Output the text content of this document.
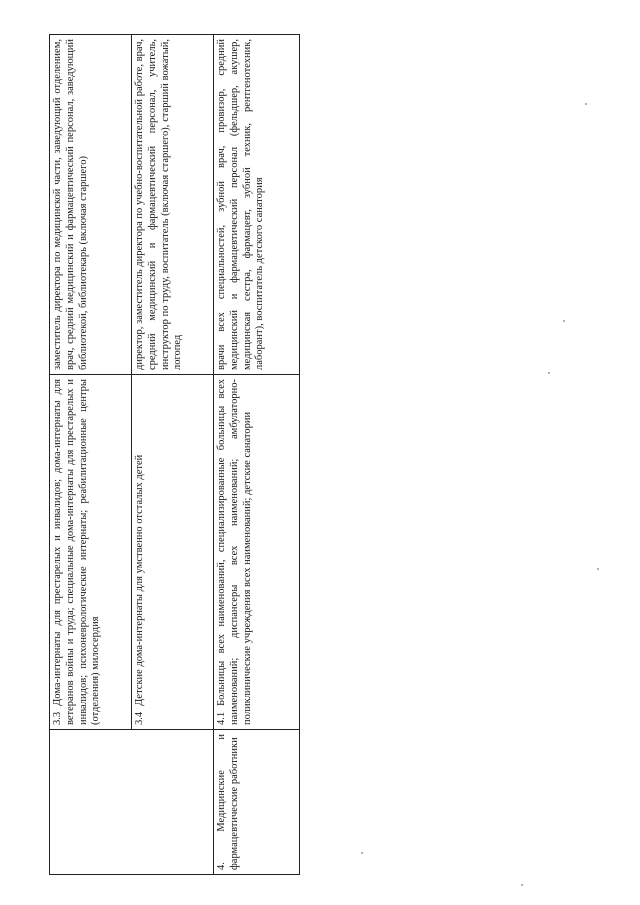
	3.3Дома-интернаты для престарелых и инвалидов; дома-интернаты для ветеранов войны и труда; специальные дома-интернаты для престарелых и инвалидов; психоневрологические интернаты; реабилитационные центры (отделения) милосердия	заместитель директора по медицинской части, заведующий отделением, врач, средний медицинский и фармацевтический персонал, заведующий библиотекой, библиотекарь (включая старшего)
	3.4Детские дома-интернаты для умственно отсталых детей	директор, заместитель директора по учебно-воспитательной работе, врач, средний медицинский и фармацевтический персонал, учитель, инструктор по труду, воспитатель (включая старшего), старший вожатый, логопед
4. Медицинские и фармацевтические работники	4.1Больницы всех наименований, специализированные больницы всех наименований; диспансеры всех наименований; амбулаторно-поликлинические учреждения всех наименований; детские санатории	врачи всех специальностей, зубной врач, провизор, средний медицинский и фармацевтический персонал (фельдшер, акушер, медицинская сестра, фармацевт, зубной техник, рентгенотехник, лаборант), воспитатель детского санатория
